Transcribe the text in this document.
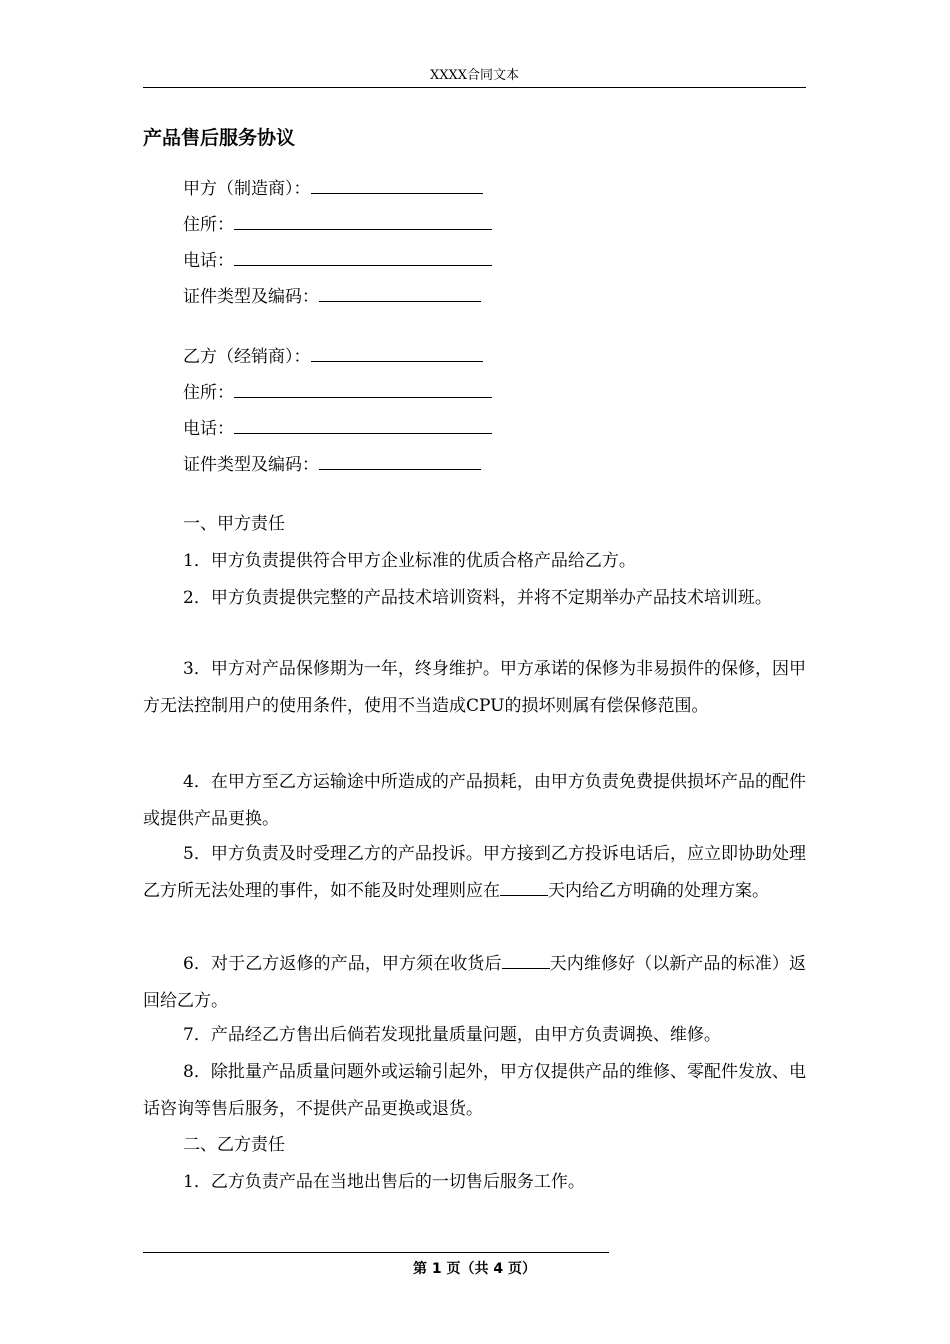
XXXX合同文本
产品售后服务协议
甲方（制造商）：
住所：
电话：
证件类型及编码：
乙方（经销商）：
住所：
电话：
证件类型及编码：
一、甲方责任
1．甲方负责提供符合甲方企业标准的优质合格产品给乙方。
2．甲方负责提供完整的产品技术培训资料，并将不定期举办产品技术培训班。
3．甲方对产品保修期为一年，终身维护。甲方承诺的保修为非易损件的保修，因甲方无法控制用户的使用条件，使用不当造成CPU的损坏则属有偿保修范围。
4．在甲方至乙方运输途中所造成的产品损耗，由甲方负责免费提供损坏产品的配件或提供产品更换。
5．甲方负责及时受理乙方的产品投诉。甲方接到乙方投诉电话后，应立即协助处理乙方所无法处理的事件，如不能及时处理则应在	天内给乙方明确的处理方案。
6．对于乙方返修的产品，甲方须在收货后	天内维修好（以新产品的标准）返回给乙方。
7．产品经乙方售出后倘若发现批量质量问题，由甲方负责调换、维修。
8．除批量产品质量问题外或运输引起外，甲方仅提供产品的维修、零配件发放、电话咨询等售后服务，不提供产品更换或退货。
二、乙方责任
1．乙方负责产品在当地出售后的一切售后服务工作。
第 1 页（共 4 页）
